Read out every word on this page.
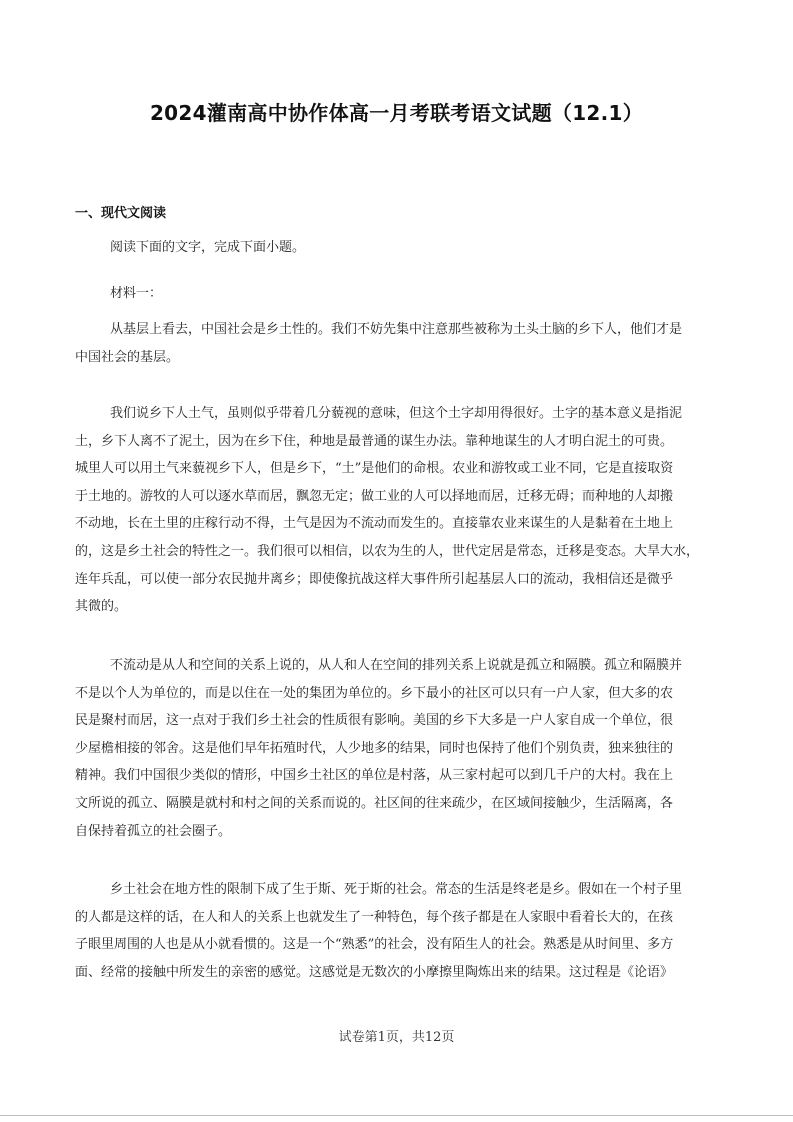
2024灌南高中协作体高一月考联考语文试题（12.1）
一、现代文阅读
阅读下面的文字，完成下面小题。
材料一：
从基层上看去，中国社会是乡土性的。我们不妨先集中注意那些被称为土头土脑的乡下人，他们才是
中国社会的基层。
我们说乡下人土气，虽则似乎带着几分藐视的意味，但这个土字却用得很好。土字的基本意义是指泥
土，乡下人离不了泥土，因为在乡下住，种地是最普通的谋生办法。靠种地谋生的人才明白泥土的可贵。
城里人可以用土气来藐视乡下人，但是乡下，“土”是他们的命根。农业和游牧或工业不同，它是直接取资
于土地的。游牧的人可以逐水草而居，飘忽无定；做工业的人可以择地而居，迁移无碍；而种地的人却搬
不动地，长在土里的庄稼行动不得，土气是因为不流动而发生的。直接靠农业来谋生的人是黏着在土地上
的，这是乡土社会的特性之一。我们很可以相信，以农为生的人，世代定居是常态，迁移是变态。大旱大水，
连年兵乱，可以使一部分农民抛井离乡；即使像抗战这样大事件所引起基层人口的流动，我相信还是微乎
其微的。
不流动是从人和空间的关系上说的，从人和人在空间的排列关系上说就是孤立和隔膜。孤立和隔膜并
不是以个人为单位的，而是以住在一处的集团为单位的。乡下最小的社区可以只有一户人家，但大多的农
民是聚村而居，这一点对于我们乡土社会的性质很有影响。美国的乡下大多是一户人家自成一个单位，很
少屋檐相接的邻舍。这是他们早年拓殖时代，人少地多的结果，同时也保持了他们个别负责，独来独往的
精神。我们中国很少类似的情形，中国乡土社区的单位是村落，从三家村起可以到几千户的大村。我在上
文所说的孤立、隔膜是就村和村之间的关系而说的。社区间的往来疏少，在区域间接触少，生活隔离，各
自保持着孤立的社会圈子。
乡土社会在地方性的限制下成了生于斯、死于斯的社会。常态的生活是终老是乡。假如在一个村子里
的人都是这样的话，在人和人的关系上也就发生了一种特色，每个孩子都是在人家眼中看着长大的，在孩
子眼里周围的人也是从小就看惯的。这是一个“熟悉”的社会，没有陌生人的社会。熟悉是从时间里、多方
面、经常的接触中所发生的亲密的感觉。这感觉是无数次的小摩擦里陶炼出来的结果。这过程是《论语》
试卷第1页，共12页
